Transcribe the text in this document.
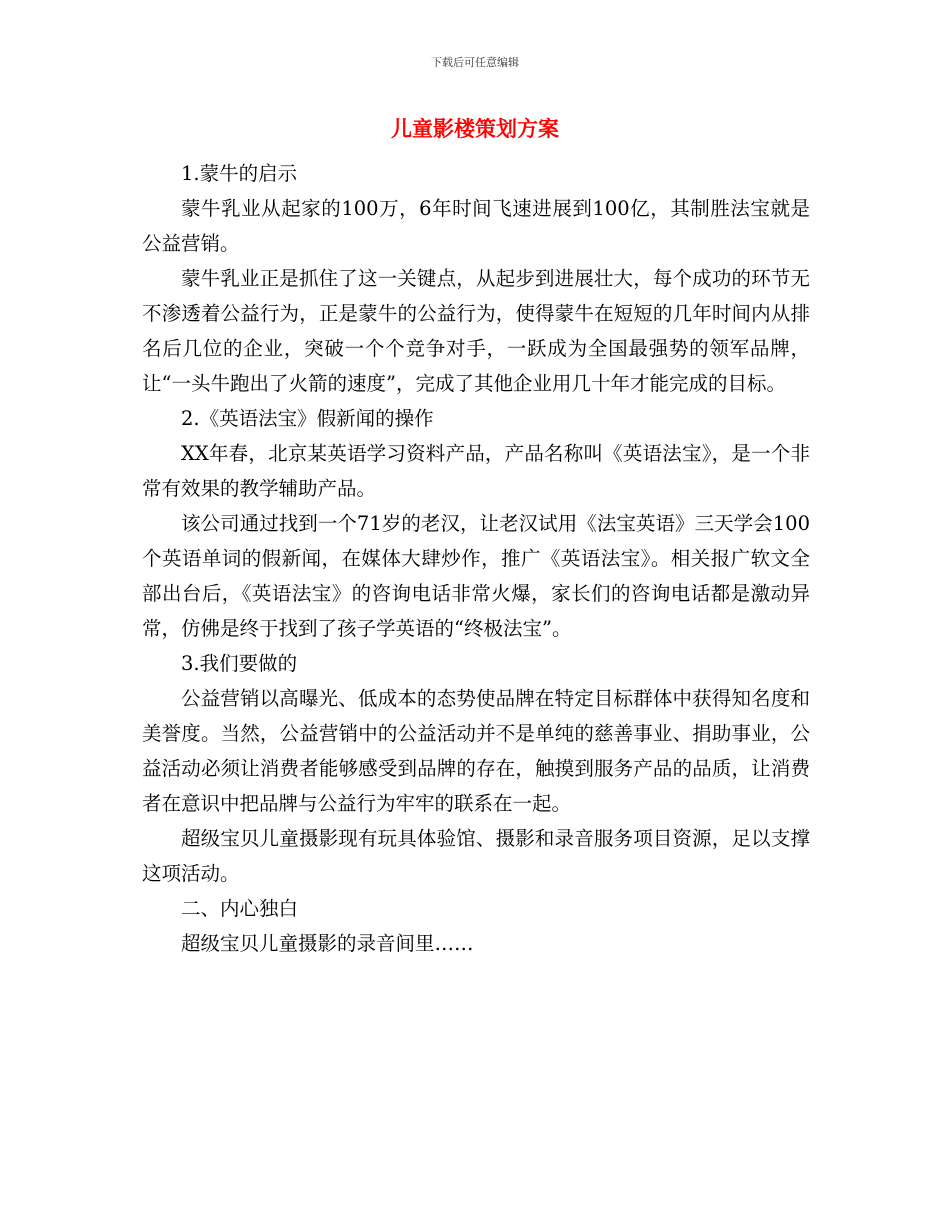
下载后可任意编辑
儿童影楼策划方案

1.蒙牛的启示

蒙牛乳业从起家的100万，6年时间飞速进展到100亿，其制胜法宝就是公益营销。

蒙牛乳业正是抓住了这一关键点，从起步到进展壮大，每个成功的环节无不渗透着公益行为，正是蒙牛的公益行为，使得蒙牛在短短的几年时间内从排名后几位的企业，突破一个个竞争对手，一跃成为全国最强势的领军品牌，让“一头牛跑出了火箭的速度”，完成了其他企业用几十年才能完成的目标。

2.《英语法宝》假新闻的操作

XX年春，北京某英语学习资料产品，产品名称叫《英语法宝》，是一个非常有效果的教学辅助产品。

该公司通过找到一个71岁的老汉，让老汉试用《法宝英语》三天学会100个英语单词的假新闻，在媒体大肆炒作，推广《英语法宝》。相关报广软文全部出台后，《英语法宝》的咨询电话非常火爆，家长们的咨询电话都是激动异常，仿佛是终于找到了孩子学英语的“终极法宝”。

3.我们要做的

公益营销以高曝光、低成本的态势使品牌在特定目标群体中获得知名度和美誉度。当然，公益营销中的公益活动并不是单纯的慈善事业、捐助事业，公益活动必须让消费者能够感受到品牌的存在，触摸到服务产品的品质，让消费者在意识中把品牌与公益行为牢牢的联系在一起。

超级宝贝儿童摄影现有玩具体验馆、摄影和录音服务项目资源，足以支撑这项活动。

二、内心独白

超级宝贝儿童摄影的录音间里……
